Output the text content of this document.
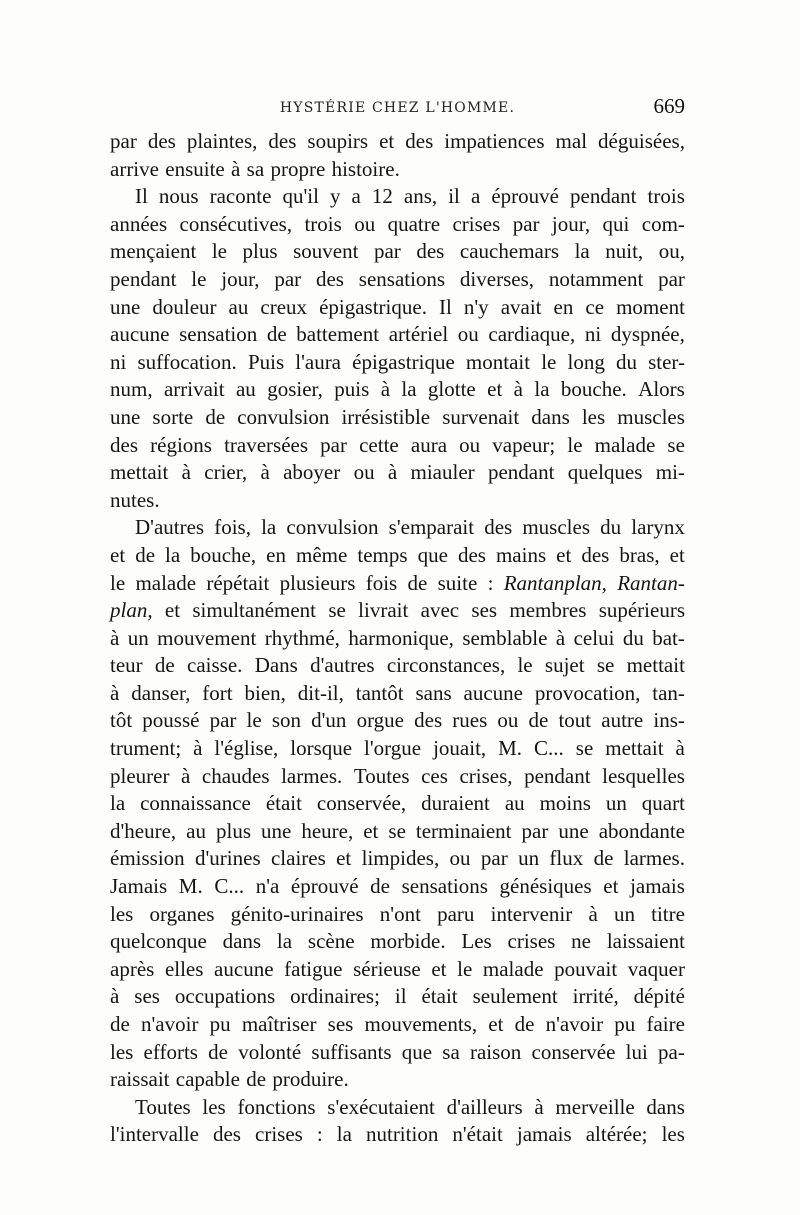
HYSTÉRIE CHEZ L'HOMME.	669
par des plaintes, des soupirs et des impatiences mal déguisées,
arrive ensuite à sa propre histoire.
Il nous raconte qu'il y a 12 ans, il a éprouvé pendant trois
années consécutives, trois ou quatre crises par jour, qui com-
mençaient le plus souvent par des cauchemars la nuit, ou,
pendant le jour, par des sensations diverses, notamment par
une douleur au creux épigastrique. Il n'y avait en ce moment
aucune sensation de battement artériel ou cardiaque, ni dyspnée,
ni suffocation. Puis l'aura épigastrique montait le long du ster-
num, arrivait au gosier, puis à la glotte et à la bouche. Alors
une sorte de convulsion irrésistible survenait dans les muscles
des régions traversées par cette aura ou vapeur; le malade se
mettait à crier, à aboyer ou à miauler pendant quelques mi-
nutes.
D'autres fois, la convulsion s'emparait des muscles du larynx
et de la bouche, en même temps que des mains et des bras, et
le malade répétait plusieurs fois de suite : Rantanplan, Rantan-
plan, et simultanément se livrait avec ses membres supérieurs
à un mouvement rhythmé, harmonique, semblable à celui du bat-
teur de caisse. Dans d'autres circonstances, le sujet se mettait
à danser, fort bien, dit-il, tantôt sans aucune provocation, tan-
tôt poussé par le son d'un orgue des rues ou de tout autre ins-
trument; à l'église, lorsque l'orgue jouait, M. C... se mettait à
pleurer à chaudes larmes. Toutes ces crises, pendant lesquelles
la connaissance était conservée, duraient au moins un quart
d'heure, au plus une heure, et se terminaient par une abondante
émission d'urines claires et limpides, ou par un flux de larmes.
Jamais M. C... n'a éprouvé de sensations génésiques et jamais
les organes génito-urinaires n'ont paru intervenir à un titre
quelconque dans la scène morbide. Les crises ne laissaient
après elles aucune fatigue sérieuse et le malade pouvait vaquer
à ses occupations ordinaires; il était seulement irrité, dépité
de n'avoir pu maîtriser ses mouvements, et de n'avoir pu faire
les efforts de volonté suffisants que sa raison conservée lui pa-
raissait capable de produire.
Toutes les fonctions s'exécutaient d'ailleurs à merveille dans
l'intervalle des crises : la nutrition n'était jamais altérée; les
